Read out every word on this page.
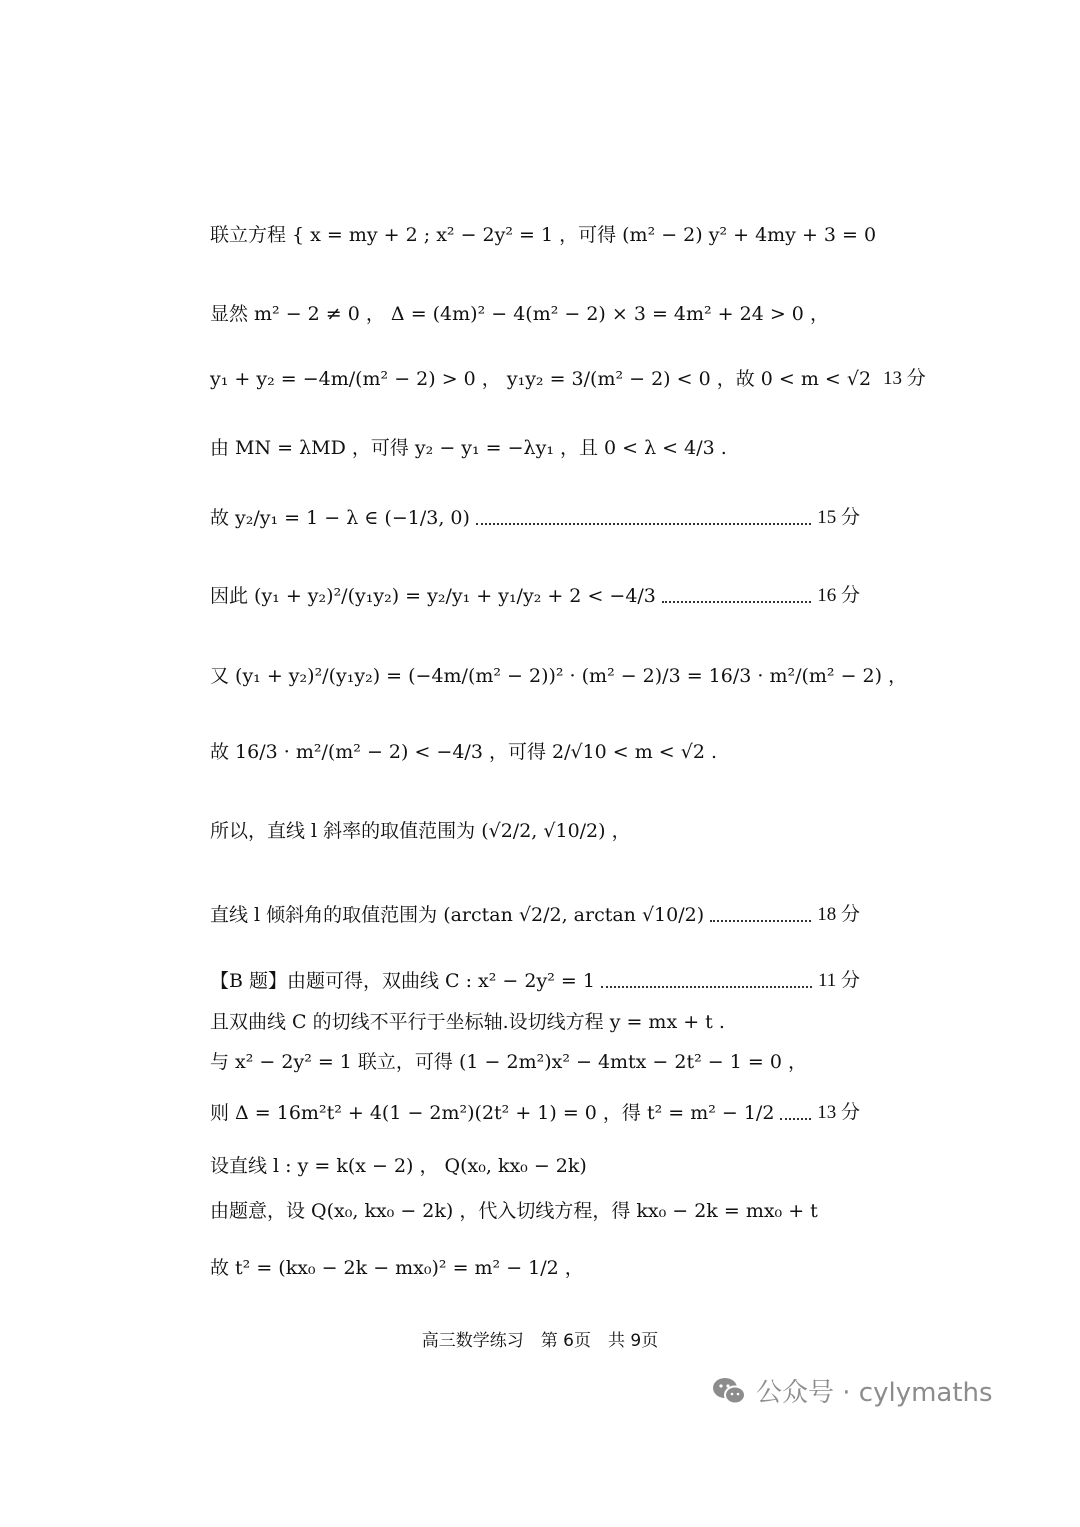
联立方程 { x = my + 2 ; x² − 2y² = 1 ，可得 (m² − 2) y² + 4my + 3 = 0
显然 m² − 2 ≠ 0 ， Δ = (4m)² − 4(m² − 2) × 3 = 4m² + 24 > 0 ，
y₁ + y₂ = −4m/(m² − 2) > 0 ， y₁y₂ = 3/(m² − 2) < 0 ，故 0 < m < √2 13 分
由 MN = λMD ，可得 y₂ − y₁ = −λy₁ ，且 0 < λ < 4/3 .
故 y₂/y₁ = 1 − λ ∈ (−1/3, 0)	15 分
因此 (y₁ + y₂)²/(y₁y₂) = y₂/y₁ + y₁/y₂ + 2 < −4/3	16 分
又 (y₁ + y₂)²/(y₁y₂) = (−4m/(m² − 2))² · (m² − 2)/3 = 16/3 · m²/(m² − 2) ，
故 16/3 · m²/(m² − 2) < −4/3 ，可得 2/√10 < m < √2 .
所以，直线 l 斜率的取值范围为 (√2/2, √10/2) ，
直线 l 倾斜角的取值范围为 (arctan √2/2, arctan √10/2)	18 分
【B 题】由题可得，双曲线 C : x² − 2y² = 1	11 分
且双曲线 C 的切线不平行于坐标轴.设切线方程 y = mx + t .
与 x² − 2y² = 1 联立，可得 (1 − 2m²)x² − 4mtx − 2t² − 1 = 0 ，
则 Δ = 16m²t² + 4(1 − 2m²)(2t² + 1) = 0 ，得 t² = m² − 1/2 13 分
设直线 l : y = k(x − 2) ， Q(x₀, kx₀ − 2k)
由题意，设 Q(x₀, kx₀ − 2k) ，代入切线方程，得 kx₀ − 2k = mx₀ + t
故 t² = (kx₀ − 2k − mx₀)² = m² − 1/2 ，
高三数学练习　第 6页　共 9页
公众号 · cylymaths
